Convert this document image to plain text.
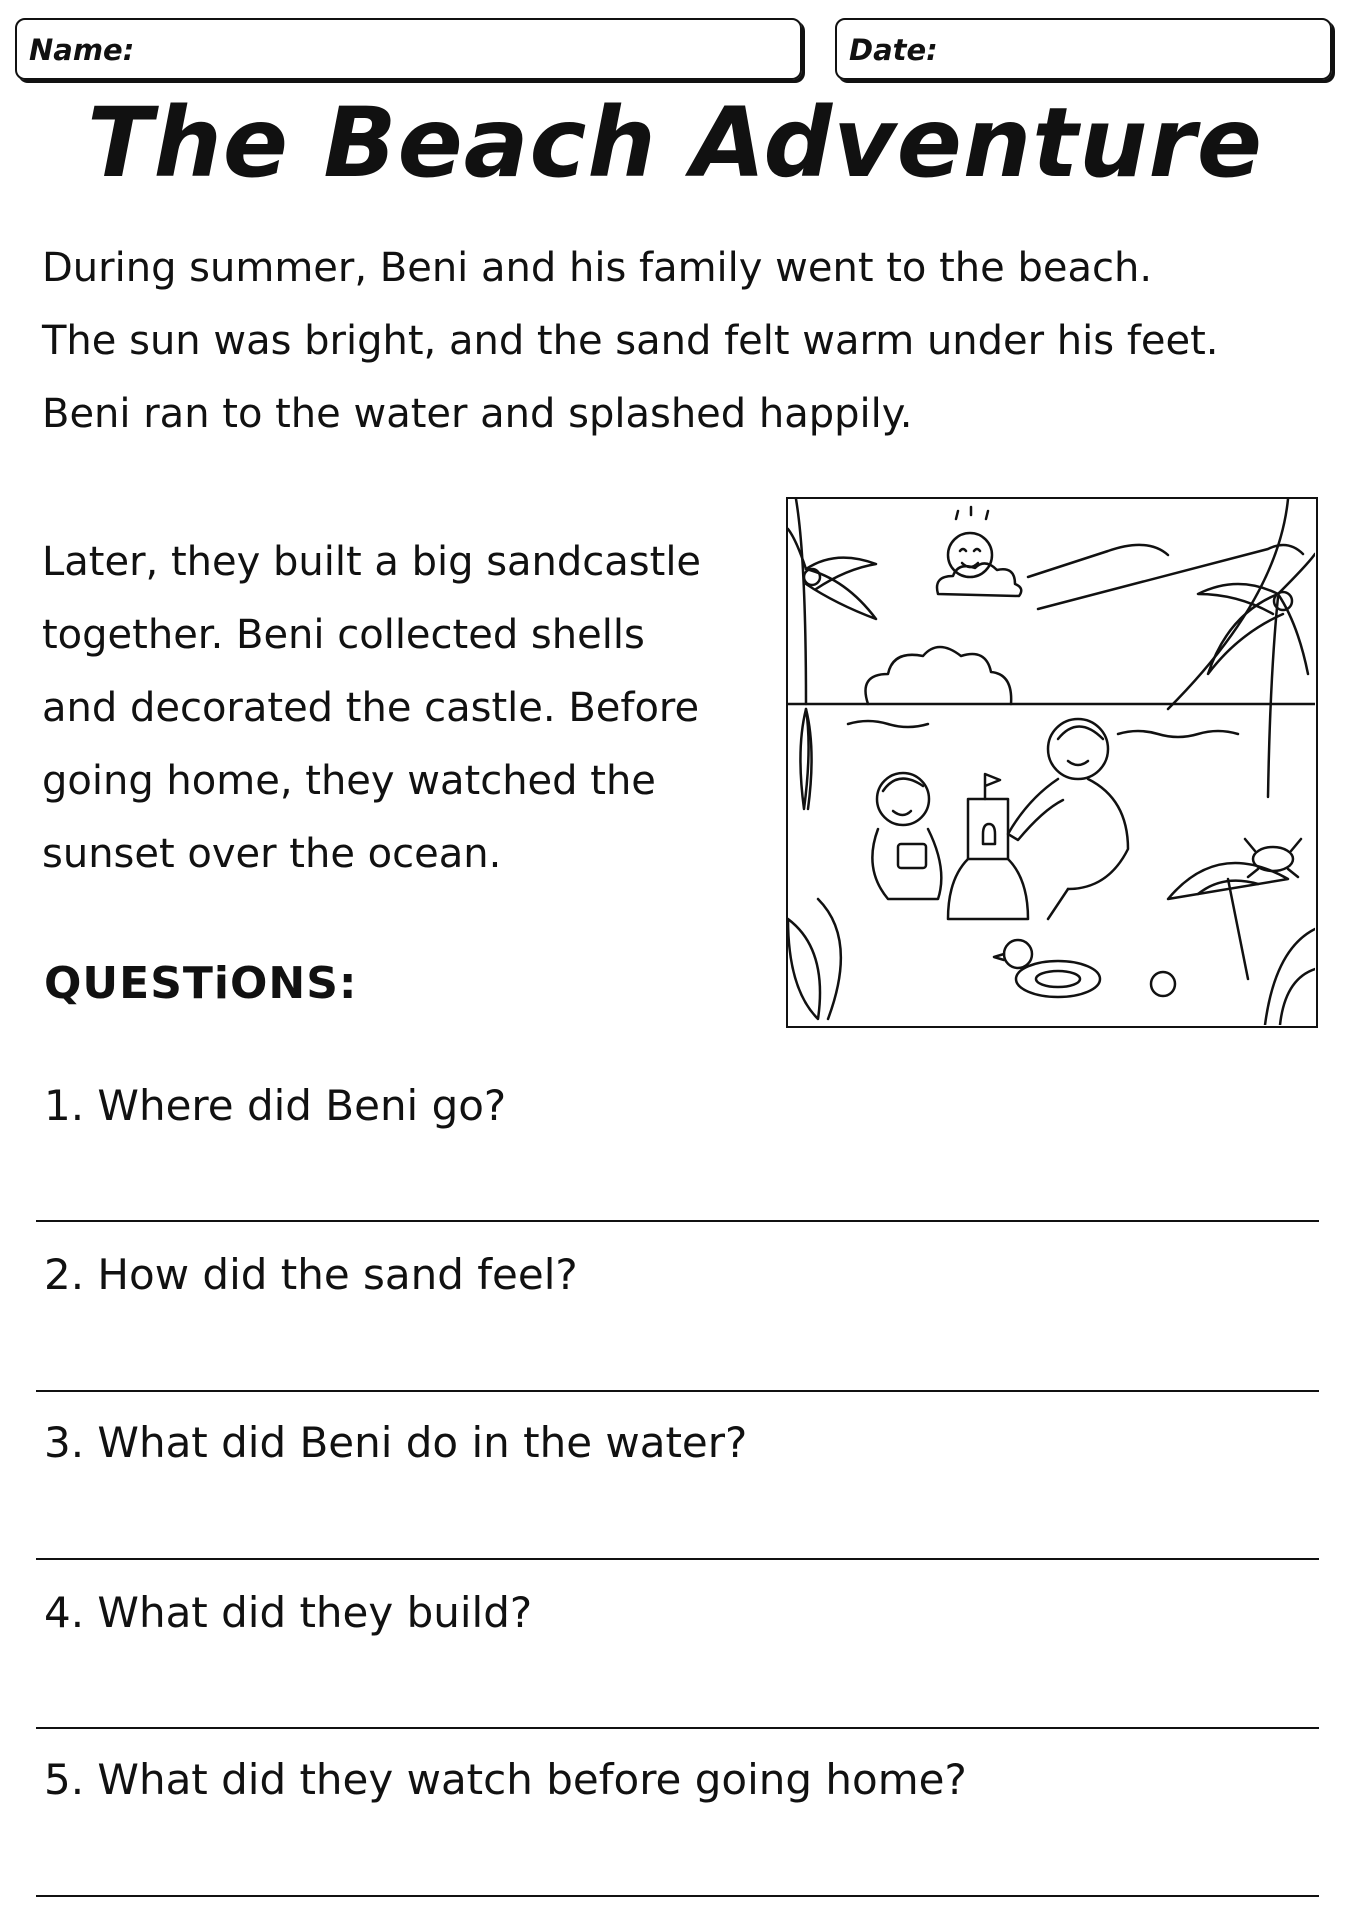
Name:	Date:
The Beach Adventure

During summer, Beni and his family went to the beach.
The sun was bright, and the sand felt warm under his feet.
Beni ran to the water and splashed happily.

Later, they built a big sandcastle
together. Beni collected shells
and decorated the castle. Before
going home, they watched the
sunset over the ocean.

QUESTiONS:
1. Where did Beni go?
2. How did the sand feel?
3. What did Beni do in the water?
4. What did they build?
5. What did they watch before going home?
